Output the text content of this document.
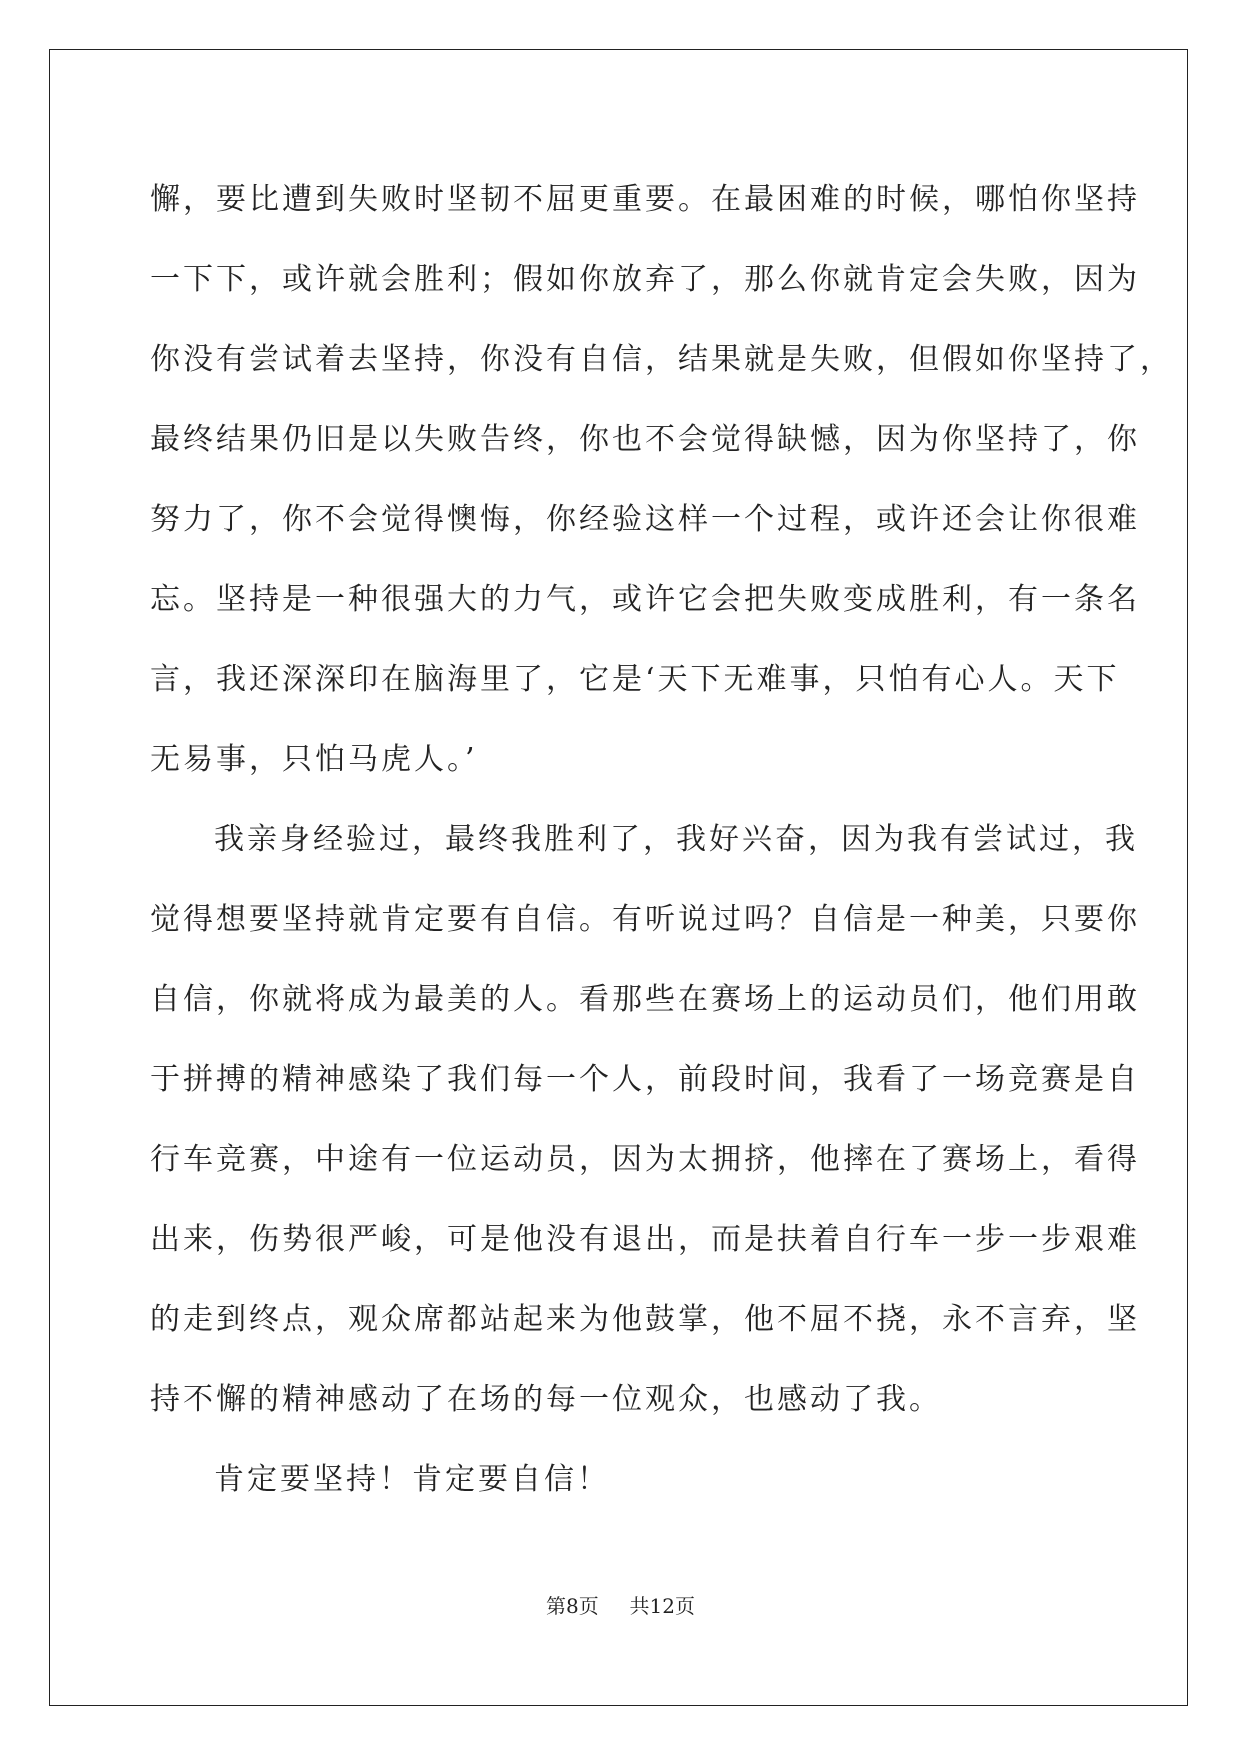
懈，要比遭到失败时坚韧不屈更重要。在最困难的时候，哪怕你坚持
一下下，或许就会胜利；假如你放弃了，那么你就肯定会失败，因为
你没有尝试着去坚持，你没有自信，结果就是失败，但假如你坚持了，
最终结果仍旧是以失败告终，你也不会觉得缺憾，因为你坚持了，你
努力了，你不会觉得懊悔，你经验这样一个过程，或许还会让你很难
忘。坚持是一种很强大的力气，或许它会把失败变成胜利，有一条名
言，我还深深印在脑海里了，它是‘天下无难事，只怕有心人。天下
无易事，只怕马虎人。’
我亲身经验过，最终我胜利了，我好兴奋，因为我有尝试过，我
觉得想要坚持就肯定要有自信。有听说过吗？自信是一种美，只要你
自信，你就将成为最美的人。看那些在赛场上的运动员们，他们用敢
于拼搏的精神感染了我们每一个人，前段时间，我看了一场竞赛是自
行车竞赛，中途有一位运动员，因为太拥挤，他摔在了赛场上，看得
出来，伤势很严峻，可是他没有退出，而是扶着自行车一步一步艰难
的走到终点，观众席都站起来为他鼓掌，他不屈不挠，永不言弃，坚
持不懈的精神感动了在场的每一位观众，也感动了我。
肯定要坚持！肯定要自信！
第8页 共12页
